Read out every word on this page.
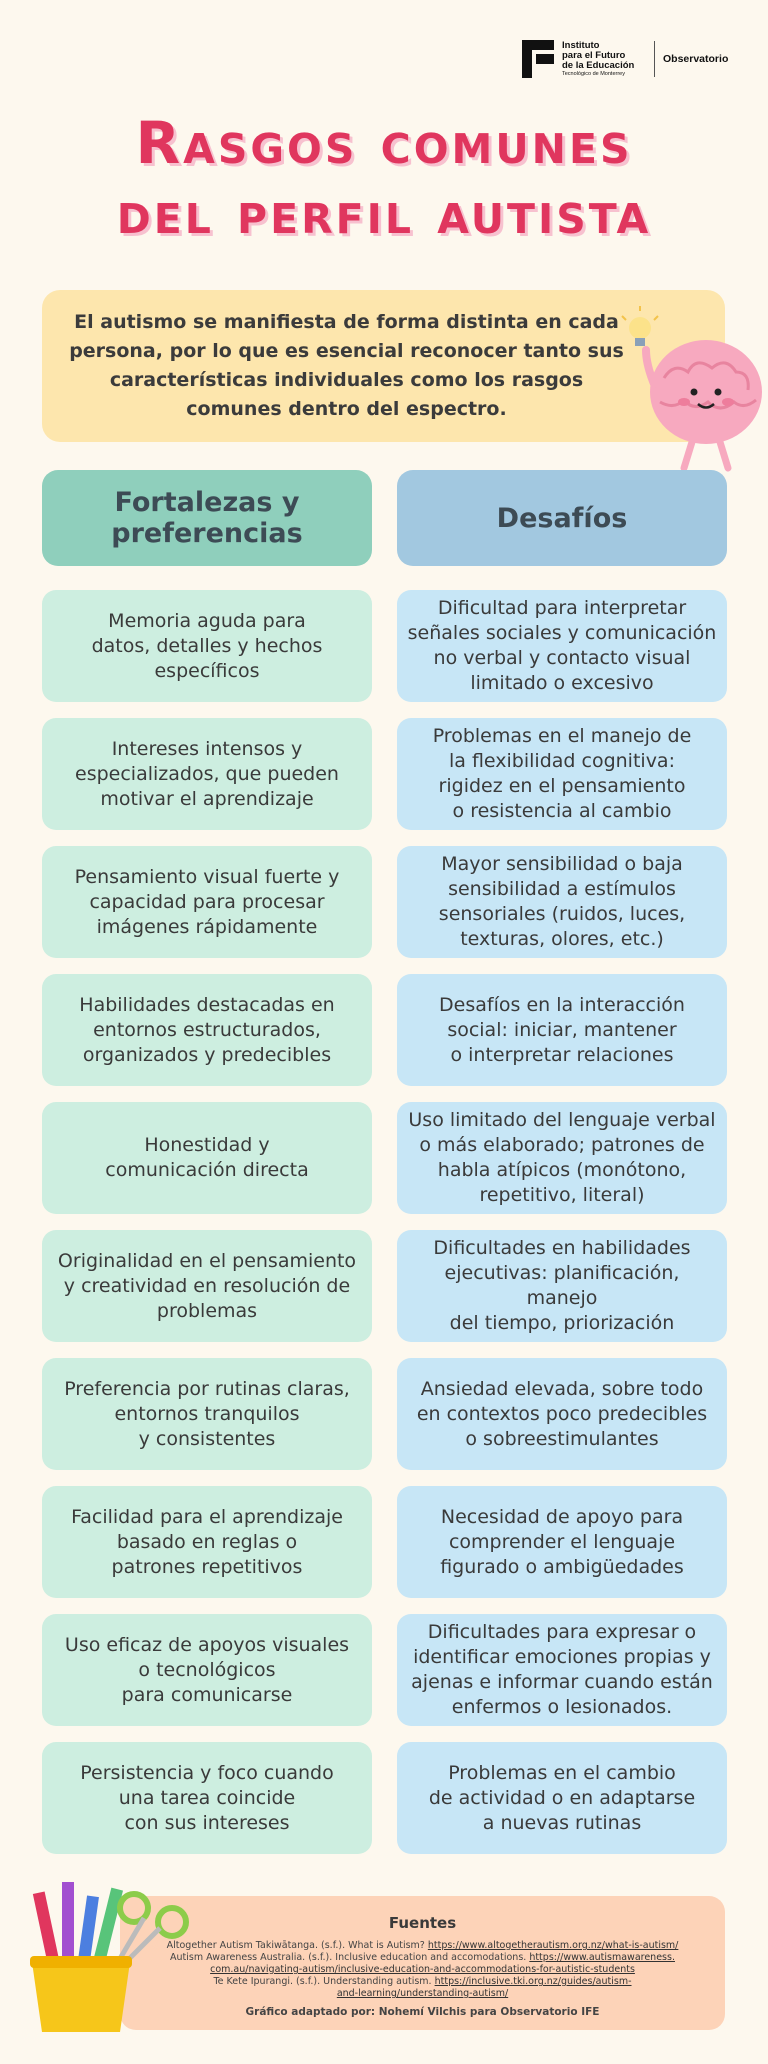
Instituto
para el Futuro
de la Educación
Tecnológico de Monterrey
Observatorio
Rasgos comunes
del perfil autista
El autismo se manifiesta de forma distinta en cada persona, por lo que es esencial reconocer tanto sus características individuales como los rasgos comunes dentro del espectro.
Fortalezas y preferencias	Desafíos
Memoria aguda para
datos, detalles y hechos
específicos
Dificultad para interpretar
señales sociales y comunicación
no verbal y contacto visual
limitado o excesivo
Intereses intensos y
especializados, que pueden
motivar el aprendizaje
Problemas en el manejo de
la flexibilidad cognitiva:
rigidez en el pensamiento
o resistencia al cambio
Pensamiento visual fuerte y
capacidad para procesar
imágenes rápidamente
Mayor sensibilidad o baja
sensibilidad a estímulos
sensoriales (ruidos, luces,
texturas, olores, etc.)
Habilidades destacadas en
entornos estructurados,
organizados y predecibles
Desafíos en la interacción
social: iniciar, mantener
o interpretar relaciones
Honestidad y
comunicación directa
Uso limitado del lenguaje verbal
o más elaborado; patrones de
habla atípicos (monótono,
repetitivo, literal)
Originalidad en el pensamiento
y creatividad en resolución de
problemas
Dificultades en habilidades
ejecutivas: planificación, manejo
del tiempo, priorización
Preferencia por rutinas claras,
entornos tranquilos
y consistentes
Ansiedad elevada, sobre todo
en contextos poco predecibles
o sobreestimulantes
Facilidad para el aprendizaje
basado en reglas o
patrones repetitivos
Necesidad de apoyo para
comprender el lenguaje
figurado o ambigüedades
Uso eficaz de apoyos visuales
o tecnológicos
para comunicarse
Dificultades para expresar o
identificar emociones propias y
ajenas e informar cuando están
enfermos o lesionados.
Persistencia y foco cuando
una tarea coincide
con sus intereses
Problemas en el cambio
de actividad o en adaptarse
a nuevas rutinas
Fuentes
Altogether Autism Takiwātanga. (s.f.). What is Autism? https://www.altogetherautism.org.nz/what-is-autism/
Autism Awareness Australia. (s.f.). Inclusive education and accomodations. https://www.autismawareness.
com.au/navigating-autism/inclusive-education-and-accommodations-for-autistic-students
Te Kete Ipurangi. (s.f.). Understanding autism. https://inclusive.tki.org.nz/guides/autism-
and-learning/understanding-autism/
Gráfico adaptado por: Nohemí Vilchis para Observatorio IFE
